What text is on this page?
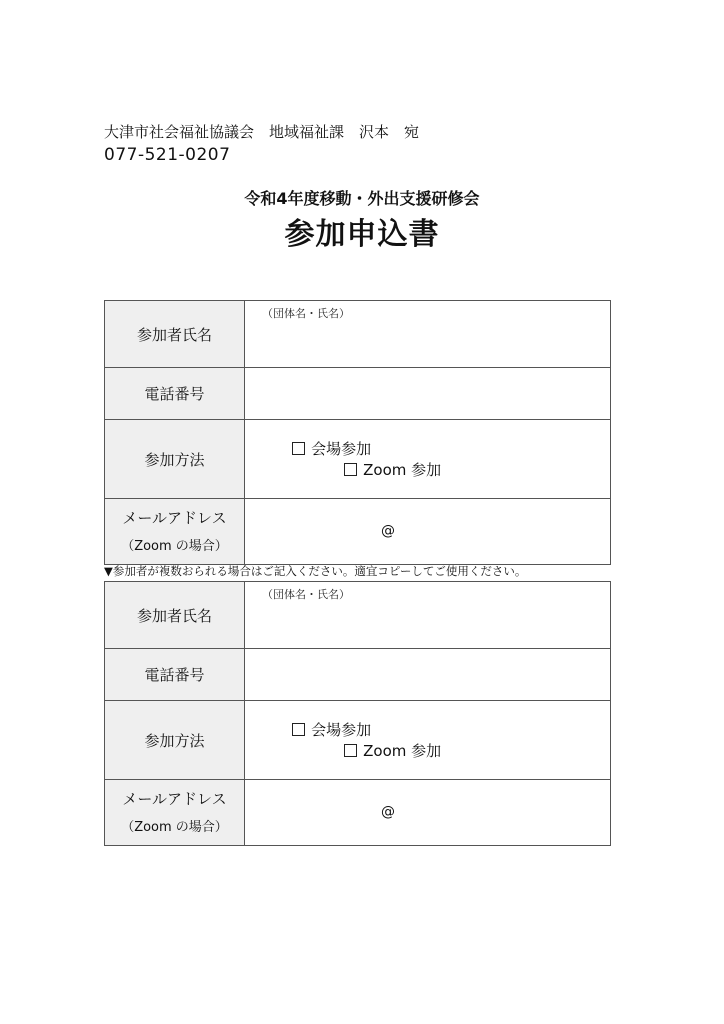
大津市社会福祉協議会　地域福祉課　沢本　宛
077-521-0207
令和4年度移動・外出支援研修会
参加申込書
参加者氏名	（団体名・氏名）

電話番号	
参加方法	会場参加
Zoom 参加

メールアドレス
（Zoom の場合）	@
▼参加者が複数おられる場合はご記入ください。適宜コピーしてご使用ください。
参加者氏名	（団体名・氏名）

電話番号	
参加方法	会場参加
Zoom 参加

メールアドレス
（Zoom の場合）	@
